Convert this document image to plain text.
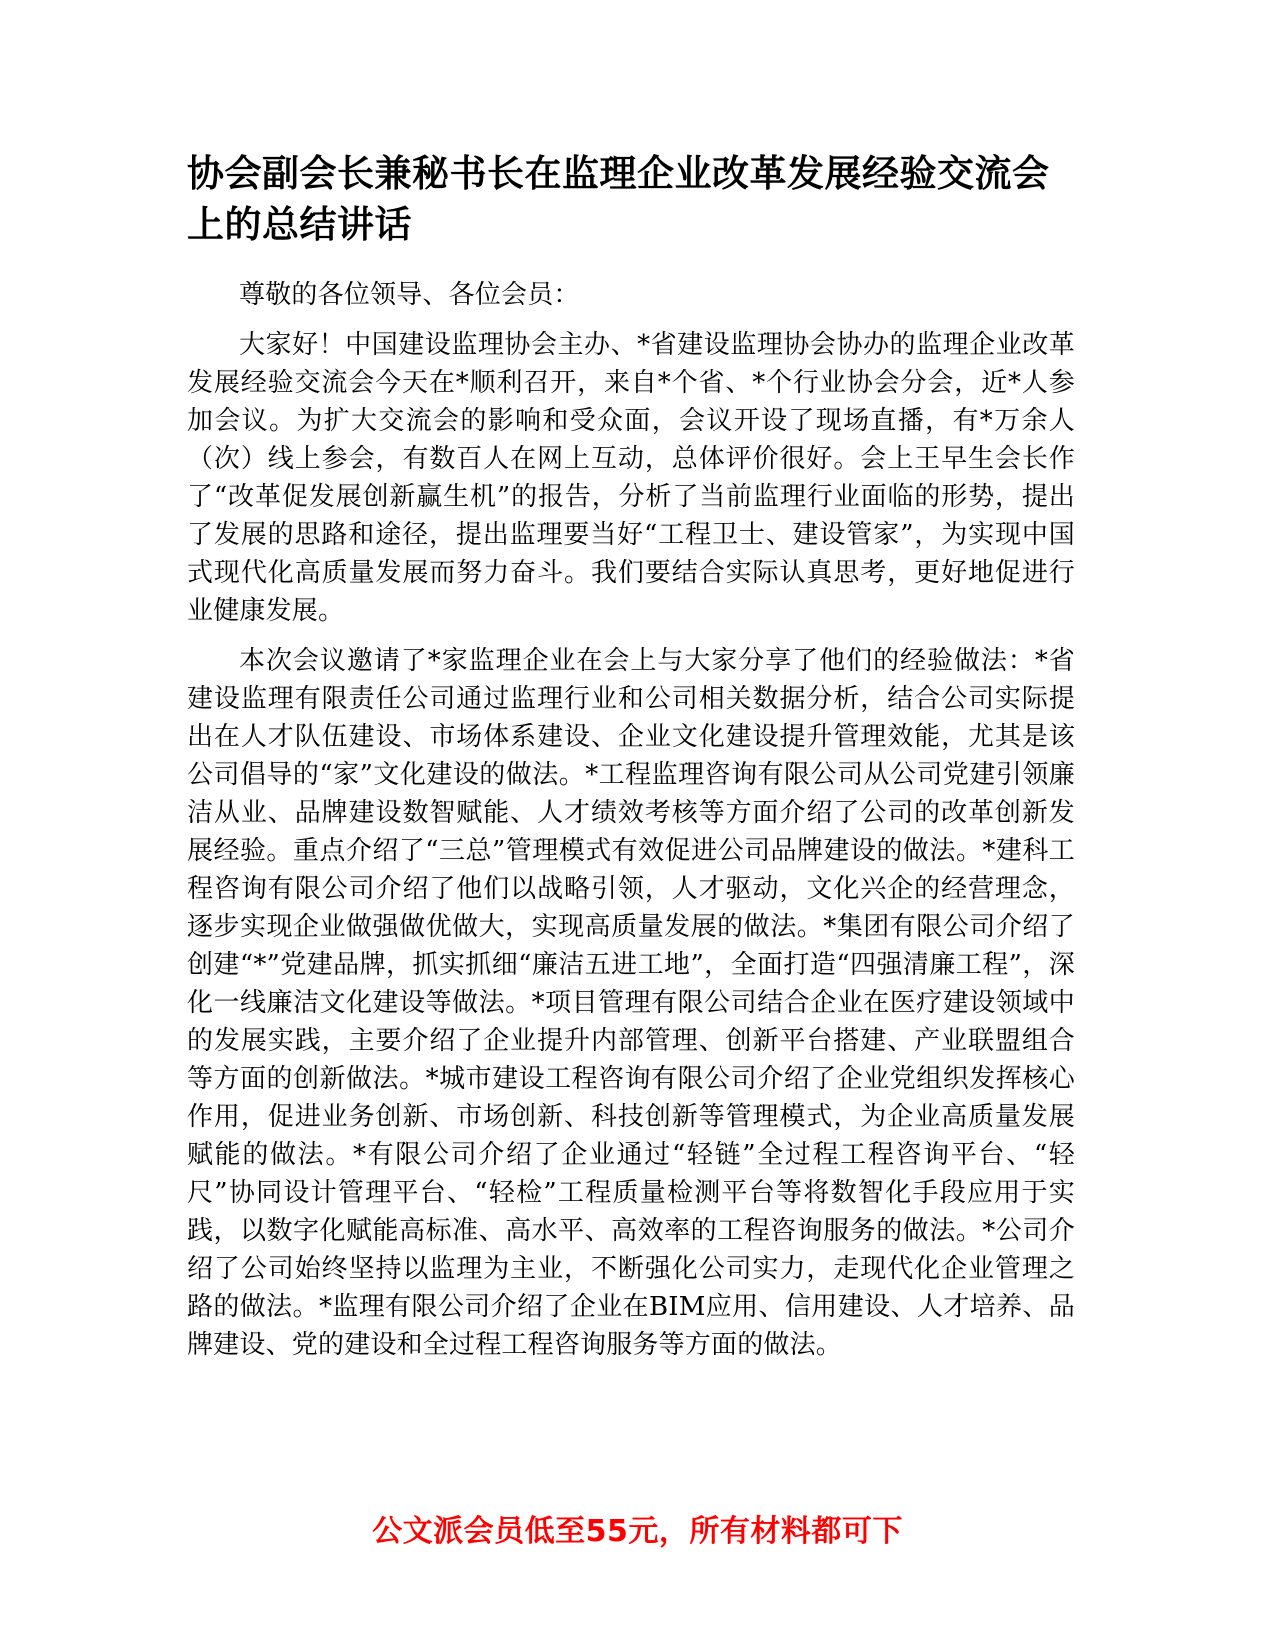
协会副会长兼秘书长在监理企业改革发展经验交流会上的总结讲话

尊敬的各位领导、各位会员：

大家好！中国建设监理协会主办、*省建设监理协会协办的监理企业改革发展经验交流会今天在*顺利召开，来自*个省、*个行业协会分会，近*人参加会议。为扩大交流会的影响和受众面，会议开设了现场直播，有*万余人（次）线上参会，有数百人在网上互动，总体评价很好。会上王早生会长作了“改革促发展创新赢生机”的报告，分析了当前监理行业面临的形势，提出了发展的思路和途径，提出监理要当好“工程卫士、建设管家”，为实现中国式现代化高质量发展而努力奋斗。我们要结合实际认真思考，更好地促进行业健康发展。

本次会议邀请了*家监理企业在会上与大家分享了他们的经验做法：*省建设监理有限责任公司通过监理行业和公司相关数据分析，结合公司实际提出在人才队伍建设、市场体系建设、企业文化建设提升管理效能，尤其是该公司倡导的“家”文化建设的做法。*工程监理咨询有限公司从公司党建引领廉洁从业、品牌建设数智赋能、人才绩效考核等方面介绍了公司的改革创新发展经验。重点介绍了“三总”管理模式有效促进公司品牌建设的做法。*建科工程咨询有限公司介绍了他们以战略引领，人才驱动，文化兴企的经营理念，逐步实现企业做强做优做大，实现高质量发展的做法。*集团有限公司介绍了创建“*”党建品牌，抓实抓细“廉洁五进工地”，全面打造“四强清廉工程”，深化一线廉洁文化建设等做法。*项目管理有限公司结合企业在医疗建设领域中的发展实践，主要介绍了企业提升内部管理、创新平台搭建、产业联盟组合等方面的创新做法。*城市建设工程咨询有限公司介绍了企业党组织发挥核心作用，促进业务创新、市场创新、科技创新等管理模式，为企业高质量发展赋能的做法。*有限公司介绍了企业通过“轻链”全过程工程咨询平台、“轻尺”协同设计管理平台、“轻检”工程质量检测平台等将数智化手段应用于实践，以数字化赋能高标准、高水平、高效率的工程咨询服务的做法。*公司介绍了公司始终坚持以监理为主业，不断强化公司实力，走现代化企业管理之路的做法。*监理有限公司介绍了企业在BIM应用、信用建设、人才培养、品牌建设、党的建设和全过程工程咨询服务等方面的做法。

公文派会员低至55元，所有材料都可下
